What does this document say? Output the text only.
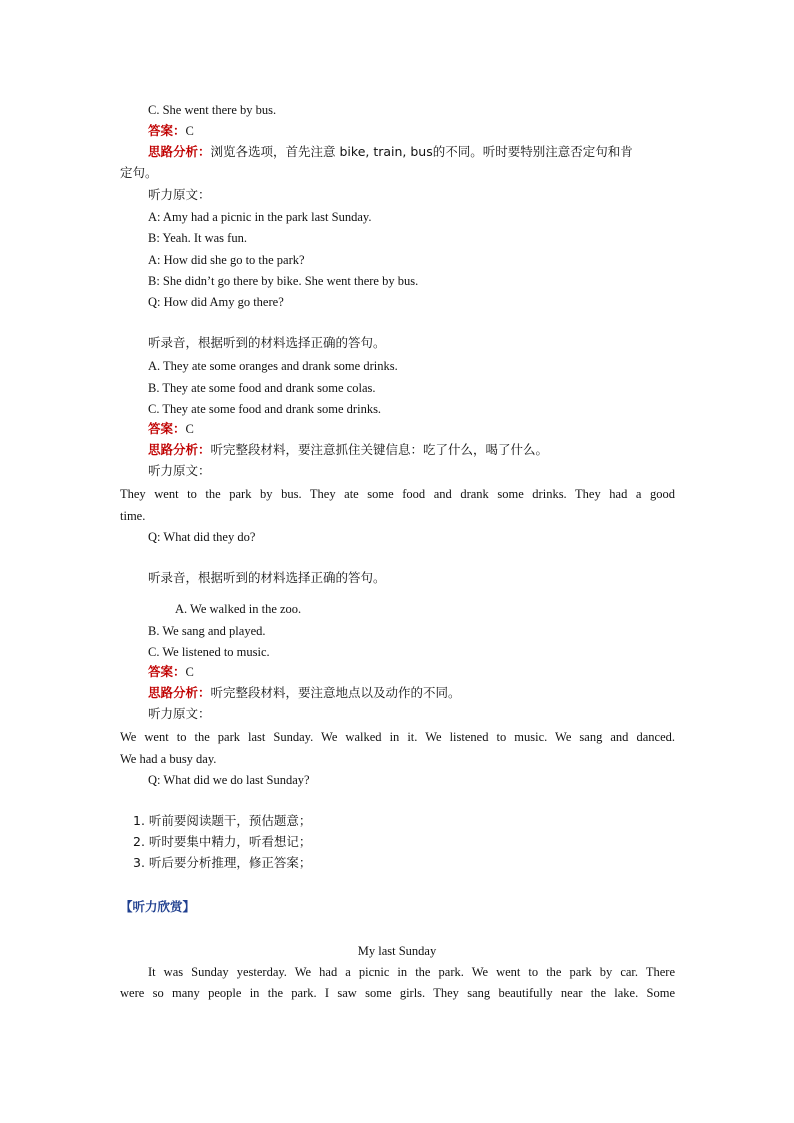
C. She went there by bus.
答案：C
思路分析：浏览各选项，首先注意 bike, train, bus的不同。听时要特别注意否定句和肯
定句。
听力原文：
A: Amy had a picnic in the park last Sunday.
B: Yeah. It was fun.
A: How did she go to the park?
B: She didn’t go there by bike. She went there by bus.
Q: How did Amy go there?
听录音，根据听到的材料选择正确的答句。
A. They ate some oranges and drank some drinks.
B. They ate some food and drank some colas.
C. They ate some food and drank some drinks.
答案：C
思路分析：听完整段材料，要注意抓住关键信息：吃了什么，喝了什么。
听力原文：
They went to the park by bus. They ate some food and drank some drinks. They had a good
time.
Q: What did they do?
听录音，根据听到的材料选择正确的答句。
A. We walked in the zoo.
B. We sang and played.
C. We listened to music.
答案：C
思路分析：听完整段材料，要注意地点以及动作的不同。
听力原文：
We went to the park last Sunday. We walked in it. We listened to music. We sang and danced.
We had a busy day.
Q: What did we do last Sunday?
1. 听前要阅读题干，预估题意；
2. 听时要集中精力，听看想记；
3. 听后要分析推理，修正答案；
【听力欣赏】
My last Sunday
It was Sunday yesterday. We had a picnic in the park. We went to the park by car. There
were so many people in the park. I saw some girls. They sang beautifully near the lake. Some
